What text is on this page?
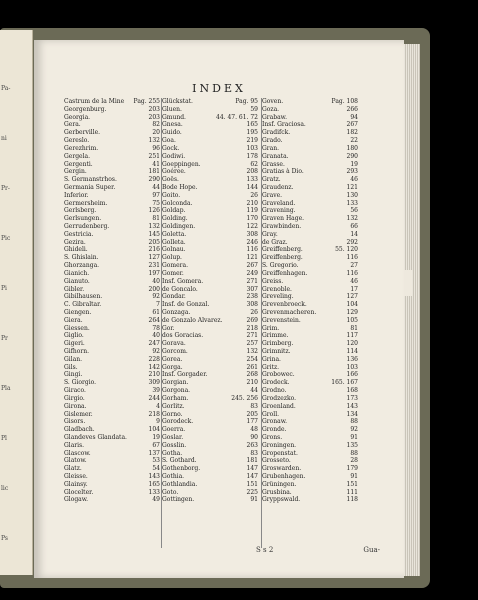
Pa-
ni
Pr-
Pic
Pi
Pr
Pla
Pl
lic
Ps
INDEX
Castrum de la Mine Pag. 255
Georgenburg.	203
Georgia.	203
Gera.	82
Gerberville.	20
Gereslo.	132
Gerezhrim.	96
Gergela.	251
Gergenti.	41
Gergin.	181
S. Germanstrhos.	290
Germania Super.	44
Inferior.	97
Germersheim.	75
Gerlsberg.	126
Gerlsungen.	81
Gerrudenberg.	132
Gestricia.	145
Gezira.	205
Ghideli.	216
S. Ghislain.	127
Ghorzanga.	231
Gianich.	197
Gianuto.	40
Gibler.	200
Gibilhausen.	92
C. Gibraltar.	7
Giengen.	61
Giera.	264
Giessen.	78
Giglio.	40
Gigeri.	247
Gifhorn.	92
Gilan.	228
Gils.	142
Gingi.	210
S. Giorgio.	309
Giraco.	39
Girgio.	244
Girona.	4
Gislemer.	218
Gisors.	9
Gladbach.	104
Glandeves Glandata.	19
Glaris.	67
Glascow.	137
Glatow.	53
Glatz.	54
Gleisse.	143
Glainsy.	165
Glocelter.	133
Glogaw.	49
Glückstat.	Pag. 95
Gluen.	59
Gmund.	44. 47. 61. 72
Gnesa.	165
Guido.	195
Goa.	219
Gock.	103
Godiwi.	178
Goeppingen.	62
Goéree.	208
Goës.	133
Bode Hope.	144
Goito.	26
Golconda.	210
Goldap.	119
Golding.	170
Goldingen.	122
Goletta.	308
Golleta.	246
Golnau.	116
Golup.	121
Gomera.	267
Gomer.	249
Insf. Gomera.	271
de Goncalo.	307
Gondar.	238
Insf. de Gonzal.	308
Gonzaga.	26
de Gonzalo Alvarez.	269
Gor.	218
dos Goracias.	271
Gorava.	257
Gorcom.	132
Gorea.	254
Gorga.	261
Insf. Gorgader.	268
Gorgian.	210
Gorgona.	44
Gorham.	245. 256
Gorlitz.	83
Gorno.	205
Gorodeck.	177
Goerra.	48
Goslar.	90
Gosslin.	263
Gotha.	83
S. Gothard.	181
Gothenborg.	147
Gothia.	147
Gothlandia.	151
Goto.	225
Gottingen.	91
Goven.	Pag. 108
Goza.	266
Grabaw.	94
Insf. Graciosa.	267
Gradifck.	182
Grado.	22
Gran.	180
Granata.	290
Grasse.	19
Gratias à Dio.	293
Gratz.	46
Graudenz.	121
Grave.	130
Graveland.	133
Gravening.	56
Graven Hage.	132
Grawbinden.	66
Gray.	14
de Graz.	292
Greiffenberg.	55. 120
Greiffenberg.	116
S. Gregorio.	27
Greiffenhagen.	116
Greiss.	46
Grenoble.	17
Greveling.	127
Grevenbroeck.	104
Grevenmacheren.	129
Grevenstein.	105
Grim.	81
Grimme.	117
Grimberg.	120
Grimnitz.	114
Grina.	136
Gritz.	103
Grobowec.	166
Grodeck.	165. 167
Grodno.	168
Grodzezko.	173
Groenland.	143
Groll.	134
Gronaw.	88
Gronde.	92
Grons.	91
Groningen.	135
Gropenstat.	88
Grosseto.	28
Groswarden.	179
Grubenhagen.	91
Grüningen.	151
Grusbina.	111
Gryppswald.	118
S s 2	Gua-
